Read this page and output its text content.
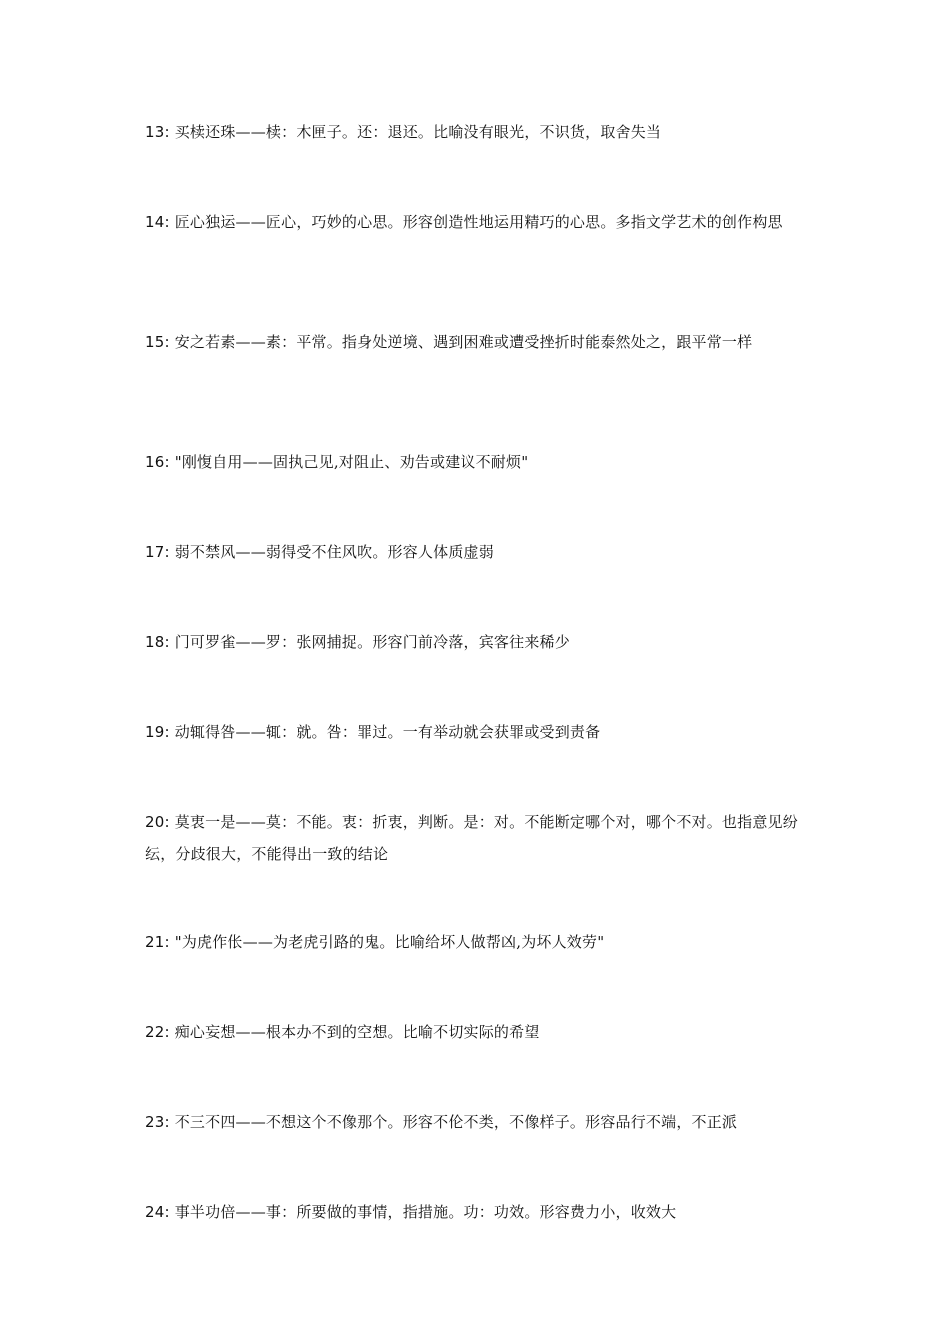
13: 买椟还珠——椟：木匣子。还：退还。比喻没有眼光，不识货，取舍失当
14: 匠心独运——匠心，巧妙的心思。形容创造性地运用精巧的心思。多指文学艺术的创作构思
15: 安之若素——素：平常。指身处逆境、遇到困难或遭受挫折时能泰然处之，跟平常一样
16: "刚愎自用——固执己见,对阻止、劝告或建议不耐烦"
17: 弱不禁风——弱得受不住风吹。形容人体质虚弱
18: 门可罗雀——罗：张网捕捉。形容门前冷落，宾客往来稀少
19: 动辄得咎——辄：就。咎：罪过。一有举动就会获罪或受到责备
20: 莫衷一是——莫：不能。衷：折衷，判断。是：对。不能断定哪个对，哪个不对。也指意见纷纭，分歧很大，不能得出一致的结论
21: "为虎作伥——为老虎引路的鬼。比喻给坏人做帮凶,为坏人效劳"
22: 痴心妄想——根本办不到的空想。比喻不切实际的希望
23: 不三不四——不想这个不像那个。形容不伦不类，不像样子。形容品行不端，不正派
24: 事半功倍——事：所要做的事情，指措施。功：功效。形容费力小，收效大
